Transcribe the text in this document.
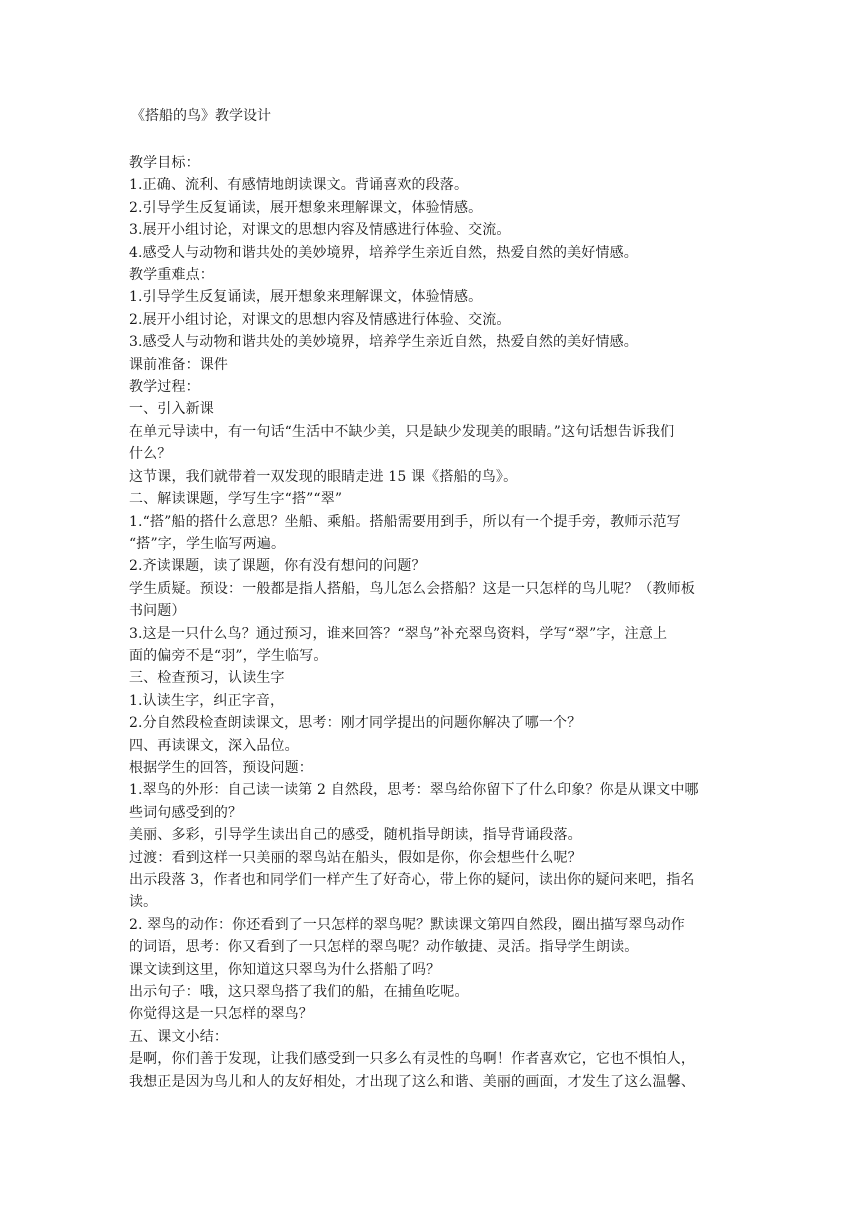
《搭船的鸟》教学设计
教学目标：
1.正确、流利、有感情地朗读课文。背诵喜欢的段落。
2.引导学生反复诵读，展开想象来理解课文，体验情感。
3.展开小组讨论，对课文的思想内容及情感进行体验、交流。
4.感受人与动物和谐共处的美妙境界，培养学生亲近自然，热爱自然的美好情感。
教学重难点：
1.引导学生反复诵读，展开想象来理解课文，体验情感。
2.展开小组讨论，对课文的思想内容及情感进行体验、交流。
3.感受人与动物和谐共处的美妙境界，培养学生亲近自然，热爱自然的美好情感。
课前准备：课件
教学过程：
一、引入新课
在单元导读中，有一句话“生活中不缺少美，只是缺少发现美的眼睛。”这句话想告诉我们
什么？
这节课，我们就带着一双发现的眼睛走进 15 课《搭船的鸟》。
二、解读课题，学写生字“搭”“翠”
1.“搭”船的搭什么意思？坐船、乘船。搭船需要用到手，所以有一个提手旁，教师示范写
“搭”字，学生临写两遍。
2.齐读课题，读了课题，你有没有想问的问题？
学生质疑。预设：一般都是指人搭船，鸟儿怎么会搭船？这是一只怎样的鸟儿呢？（教师板
书问题）
3.这是一只什么鸟？通过预习，谁来回答？“翠鸟”补充翠鸟资料，学写“翠”字，注意上
面的偏旁不是“羽”，学生临写。
三、检查预习，认读生字
1.认读生字，纠正字音，
2.分自然段检查朗读课文，思考：刚才同学提出的问题你解决了哪一个？
四、再读课文，深入品位。
根据学生的回答，预设问题：
1.翠鸟的外形：自己读一读第 2 自然段，思考：翠鸟给你留下了什么印象？你是从课文中哪
些词句感受到的？
美丽、多彩，引导学生读出自己的感受，随机指导朗读，指导背诵段落。
过渡：看到这样一只美丽的翠鸟站在船头，假如是你，你会想些什么呢？
出示段落 3，作者也和同学们一样产生了好奇心，带上你的疑问，读出你的疑问来吧，指名
读。
2. 翠鸟的动作：你还看到了一只怎样的翠鸟呢？默读课文第四自然段，圈出描写翠鸟动作
的词语，思考：你又看到了一只怎样的翠鸟呢？动作敏捷、灵活。指导学生朗读。
课文读到这里，你知道这只翠鸟为什么搭船了吗？
出示句子：哦，这只翠鸟搭了我们的船，在捕鱼吃呢。
你觉得这是一只怎样的翠鸟？
五、课文小结：
是啊，你们善于发现，让我们感受到一只多么有灵性的鸟啊！作者喜欢它，它也不惧怕人，
我想正是因为鸟儿和人的友好相处，才出现了这么和谐、美丽的画面，才发生了这么温馨、
